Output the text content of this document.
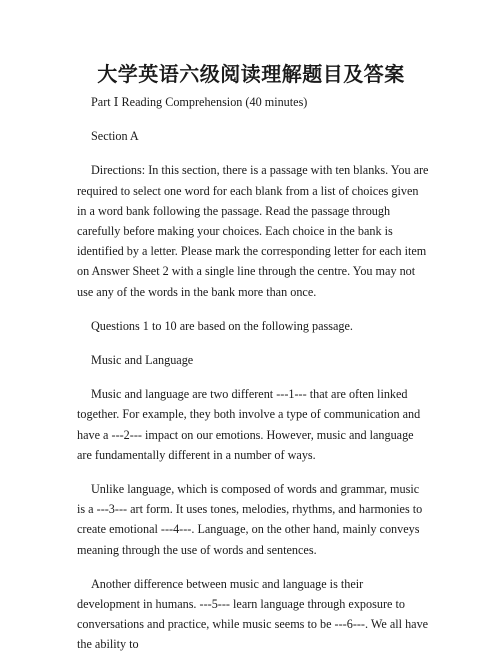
大学英语六级阅读理解题目及答案

Part Ⅰ Reading Comprehension (40 minutes)

Section A

Directions: In this section, there is a passage with ten blanks. You are required to select one word for each blank from a list of choices given in a word bank following the passage. Read the passage through carefully before making your choices. Each choice in the bank is identified by a letter. Please mark the corresponding letter for each item on Answer Sheet 2 with a single line through the centre. You may not use any of the words in the bank more than once.

Questions 1 to 10 are based on the following passage.

Music and Language

Music and language are two different ---1--- that are often linked together. For example, they both involve a type of communication and have a ---2--- impact on our emotions. However, music and language are fundamentally different in a number of ways.

Unlike language, which is composed of words and grammar, music is a ---3--- art form. It uses tones, melodies, rhythms, and harmonies to create emotional ---4---. Language, on the other hand, mainly conveys meaning through the use of words and sentences.

Another difference between music and language is their development in humans. ---5--- learn language through exposure to conversations and practice, while music seems to be ---6---. We all have the ability to
